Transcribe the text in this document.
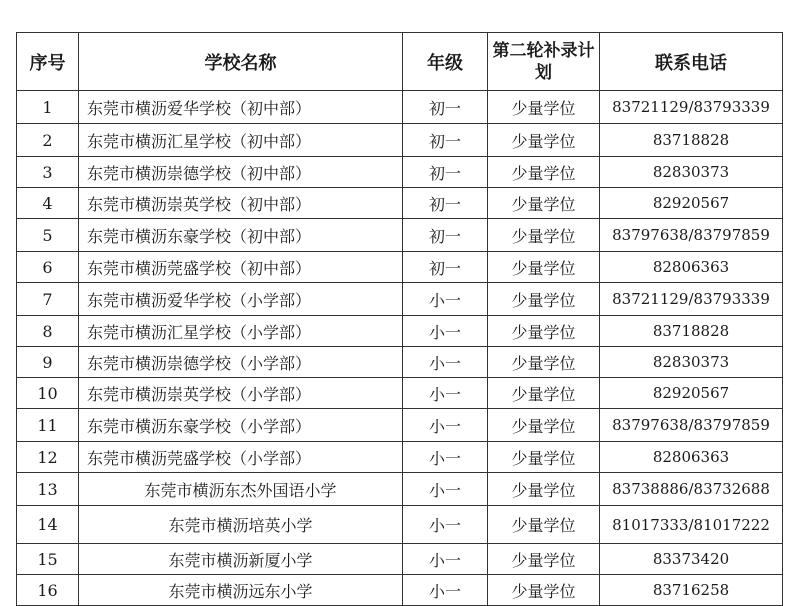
序号	学校名称	年级	第二轮补录计划	联系电话
1	东莞市横沥爱华学校（初中部）	初一	少量学位	83721129/83793339
2	东莞市横沥汇星学校（初中部）	初一	少量学位	83718828
3	东莞市横沥崇德学校（初中部）	初一	少量学位	82830373
4	东莞市横沥崇英学校（初中部）	初一	少量学位	82920567
5	东莞市横沥东豪学校（初中部）	初一	少量学位	83797638/83797859
6	东莞市横沥莞盛学校（初中部）	初一	少量学位	82806363
7	东莞市横沥爱华学校（小学部）	小一	少量学位	83721129/83793339
8	东莞市横沥汇星学校（小学部）	小一	少量学位	83718828
9	东莞市横沥崇德学校（小学部）	小一	少量学位	82830373
10	东莞市横沥崇英学校（小学部）	小一	少量学位	82920567
11	东莞市横沥东豪学校（小学部）	小一	少量学位	83797638/83797859
12	东莞市横沥莞盛学校（小学部）	小一	少量学位	82806363
13	东莞市横沥东杰外国语小学	小一	少量学位	83738886/83732688
14	东莞市横沥培英小学	小一	少量学位	81017333/81017222
15	东莞市横沥新厦小学	小一	少量学位	83373420
16	东莞市横沥远东小学	小一	少量学位	83716258
